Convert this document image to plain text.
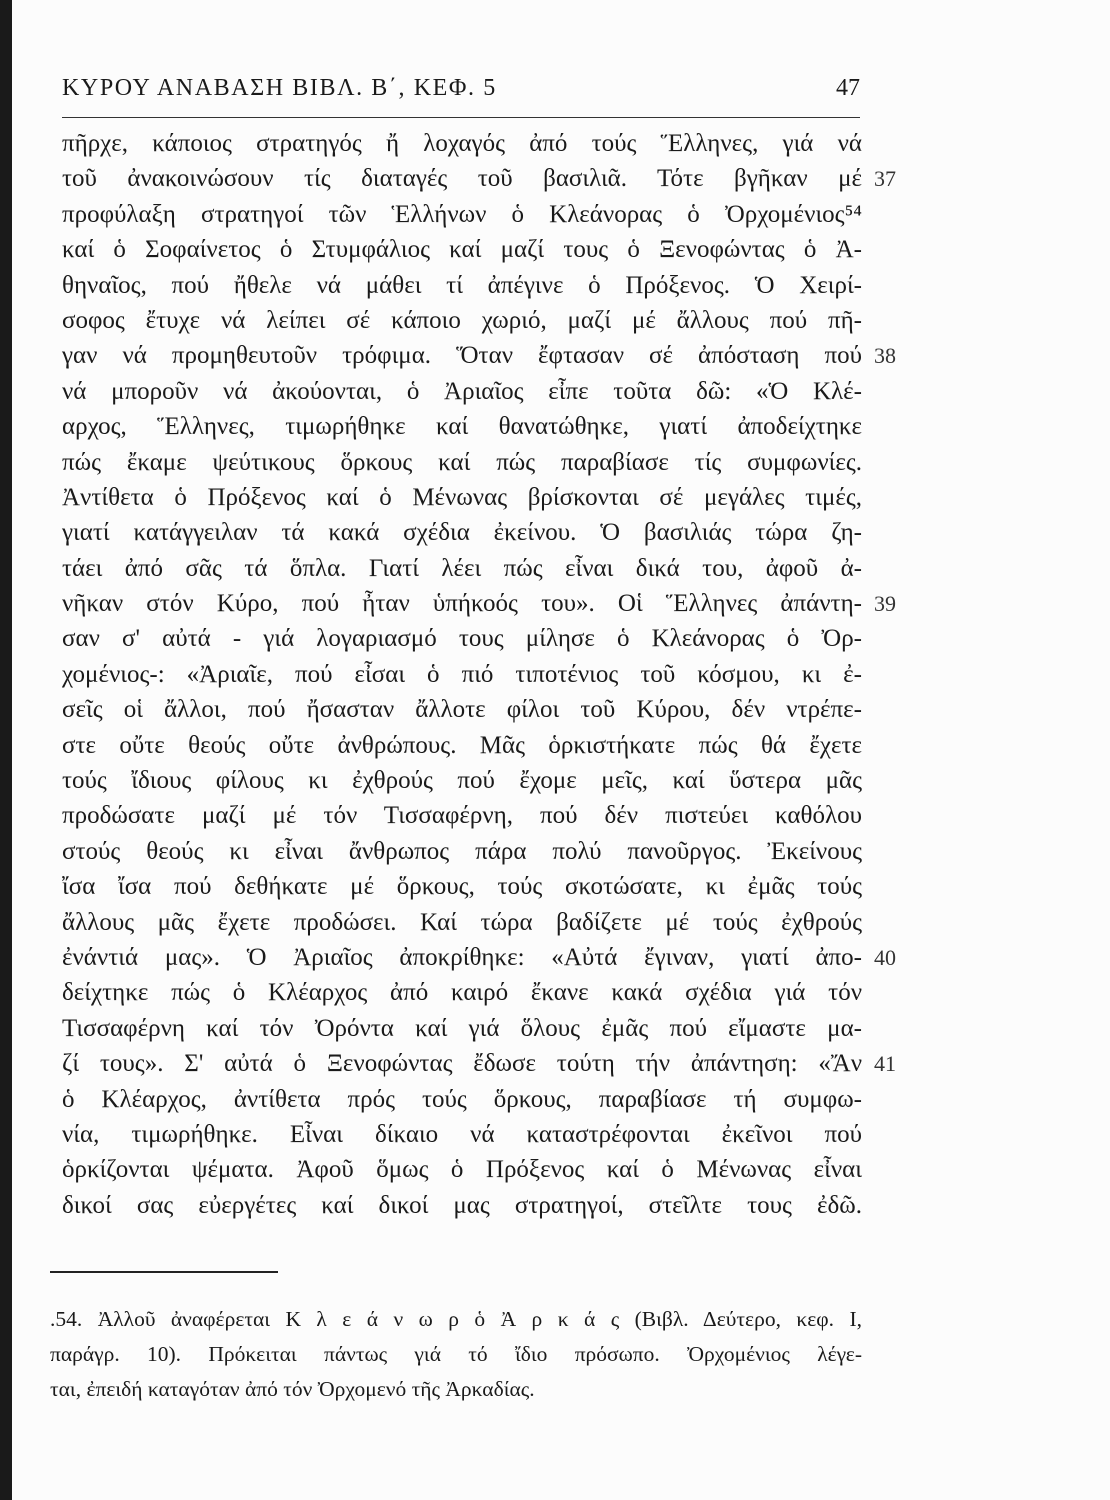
ΚΥΡΟΥ ΑΝΑΒΑΣΗ ΒΙΒΛ. Β΄, ΚΕΦ. 5	47
πῆρχε, κάποιος στρατηγός ἤ λοχαγός ἀπό τούς Ἕλληνες, γιά νά
τοῦ ἀνακοινώσουν τίς διαταγές τοῦ βασιλιᾶ. Τότε βγῆκαν μέ 37
προφύλαξη στρατηγοί τῶν Ἑλλήνων ὁ Κλεάνορας ὁ Ὀρχομένιος⁵⁴
καί ὁ Σοφαίνετος ὁ Στυμφάλιος καί μαζί τους ὁ Ξενοφώντας ὁ Ἀ-
θηναῖος, πού ἤθελε νά μάθει τί ἀπέγινε ὁ Πρόξενος. Ὁ Χειρί-
σοφος ἔτυχε νά λείπει σέ κάποιο χωριό, μαζί μέ ἄλλους πού πῆ-
γαν νά προμηθευτοῦν τρόφιμα. Ὅταν ἔφτασαν σέ ἀπόσταση πού 38
νά μποροῦν νά ἀκούονται, ὁ Ἀριαῖος εἶπε τοῦτα δῶ: «Ὁ Κλέ-
αρχος, Ἕλληνες, τιμωρήθηκε καί θανατώθηκε, γιατί ἀποδείχτηκε
πώς ἔκαμε ψεύτικους ὅρκους καί πώς παραβίασε τίς συμφωνίες.
Ἀντίθετα ὁ Πρόξενος καί ὁ Μένωνας βρίσκονται σέ μεγάλες τιμές,
γιατί κατάγγειλαν τά κακά σχέδια ἐκείνου. Ὁ βασιλιάς τώρα ζη-
τάει ἀπό σᾶς τά ὅπλα. Γιατί λέει πώς εἶναι δικά του, ἀφοῦ ἀ-
νῆκαν στόν Κύρο, πού ἦταν ὑπήκοός του». Οἱ Ἕλληνες ἀπάντη- 39
σαν σ' αὐτά - γιά λογαριασμό τους μίλησε ὁ Κλεάνορας ὁ Ὀρ-
χομένιος-: «Ἀριαῖε, πού εἶσαι ὁ πιό τιποτένιος τοῦ κόσμου, κι ἐ-
σεῖς οἱ ἄλλοι, πού ἤσασταν ἄλλοτε φίλοι τοῦ Κύρου, δέν ντρέπε-
στε οὔτε θεούς οὔτε ἀνθρώπους. Μᾶς ὁρκιστήκατε πώς θά ἔχετε
τούς ἴδιους φίλους κι ἐχθρούς πού ἔχομε μεῖς, καί ὕστερα μᾶς
προδώσατε μαζί μέ τόν Τισσαφέρνη, πού δέν πιστεύει καθόλου
στούς θεούς κι εἶναι ἄνθρωπος πάρα πολύ πανοῦργος. Ἐκείνους
ἴσα ἴσα πού δεθήκατε μέ ὅρκους, τούς σκοτώσατε, κι ἐμᾶς τούς
ἄλλους μᾶς ἔχετε προδώσει. Καί τώρα βαδίζετε μέ τούς ἐχθρούς
ἐνάντιά μας». Ὁ Ἀριαῖος ἀποκρίθηκε: «Αὐτά ἔγιναν, γιατί ἀπο- 40
δείχτηκε πώς ὁ Κλέαρχος ἀπό καιρό ἔκανε κακά σχέδια γιά τόν
Τισσαφέρνη καί τόν Ὀρόντα καί γιά ὅλους ἐμᾶς πού εἴμαστε μα-
ζί τους». Σ' αὐτά ὁ Ξενοφώντας ἔδωσε τούτη τήν ἀπάντηση: «Ἄν 41
ὁ Κλέαρχος, ἀντίθετα πρός τούς ὅρκους, παραβίασε τή συμφω-
νία, τιμωρήθηκε. Εἶναι δίκαιο νά καταστρέφονται ἐκεῖνοι πού
ὁρκίζονται ψέματα. Ἀφοῦ ὅμως ὁ Πρόξενος καί ὁ Μένωνας εἶναι
δικοί σας εὐεργέτες καί δικοί μας στρατηγοί, στεῖλτε τους ἐδῶ.
.54. Ἀλλοῦ ἀναφέρεται Κ λ ε ά ν ω ρ ὁ Ἀ ρ κ ά ς (Βιβλ. Δεύτερο, κεφ. Ι,
παράγρ. 10). Πρόκειται πάντως γιά τό ἴδιο πρόσωπο. Ὀρχομένιος λέγε-
ται, ἐπειδή καταγόταν ἀπό τόν Ὀρχομενό τῆς Ἀρκαδίας.
